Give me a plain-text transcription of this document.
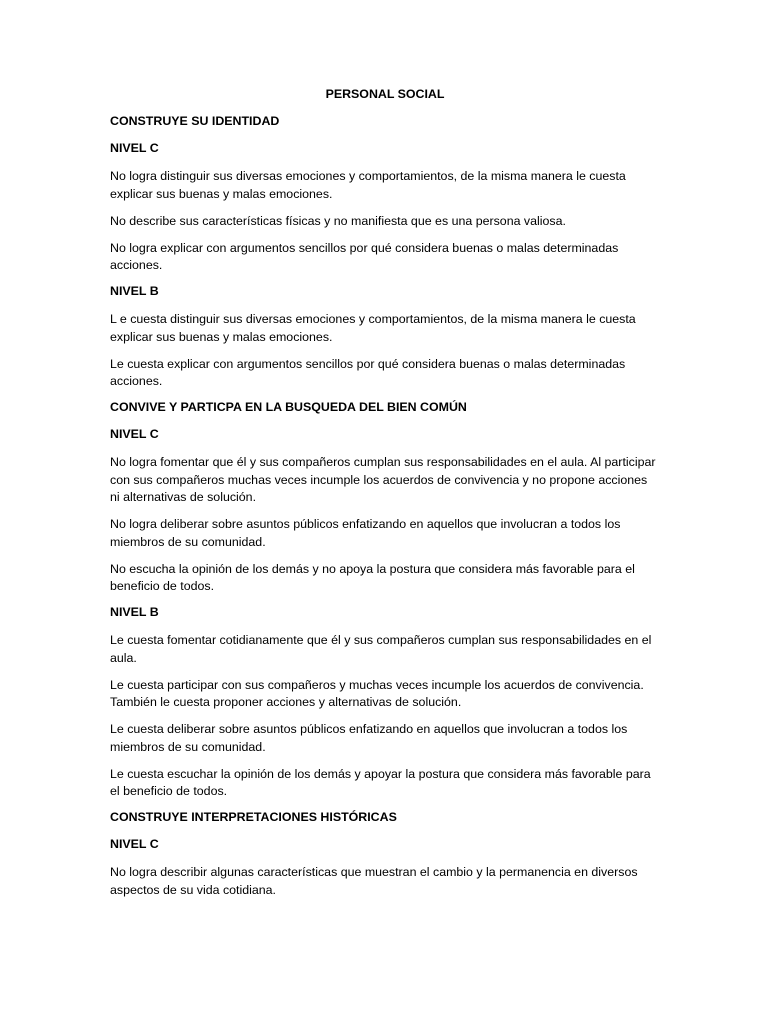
PERSONAL SOCIAL
CONSTRUYE SU IDENTIDAD
NIVEL C
No logra distinguir sus diversas emociones y comportamientos, de la misma manera le cuesta explicar sus buenas y malas emociones.
No describe sus características físicas y no manifiesta que es una persona valiosa.
No logra explicar con argumentos sencillos por qué considera buenas o malas determinadas acciones.
NIVEL B
L e cuesta distinguir sus diversas emociones y comportamientos, de la misma manera le cuesta explicar sus buenas y malas emociones.
Le cuesta explicar con argumentos sencillos por qué considera buenas o malas determinadas acciones.
CONVIVE Y PARTICPA EN LA BUSQUEDA DEL BIEN COMÚN
NIVEL C
No logra fomentar que él y sus compañeros cumplan sus responsabilidades en el aula. Al participar con sus compañeros muchas veces incumple los acuerdos de convivencia y no propone acciones ni alternativas de solución.
No logra deliberar sobre asuntos públicos enfatizando en aquellos que involucran a todos los miembros de su comunidad.
No escucha la opinión de los demás y no apoya la postura que considera más favorable para el beneficio de todos.
NIVEL B
Le cuesta fomentar cotidianamente que él y sus compañeros cumplan sus responsabilidades en el aula.
Le cuesta participar con sus compañeros y muchas veces incumple los acuerdos de convivencia. También le cuesta proponer acciones y alternativas de solución.
Le cuesta deliberar sobre asuntos públicos enfatizando en aquellos que involucran a todos los miembros de su comunidad.
Le cuesta escuchar la opinión de los demás y apoyar la postura que considera más favorable para el beneficio de todos.
CONSTRUYE INTERPRETACIONES HISTÓRICAS
NIVEL C
No logra describir algunas características que muestran el cambio y la permanencia en diversos aspectos de su vida cotidiana.
